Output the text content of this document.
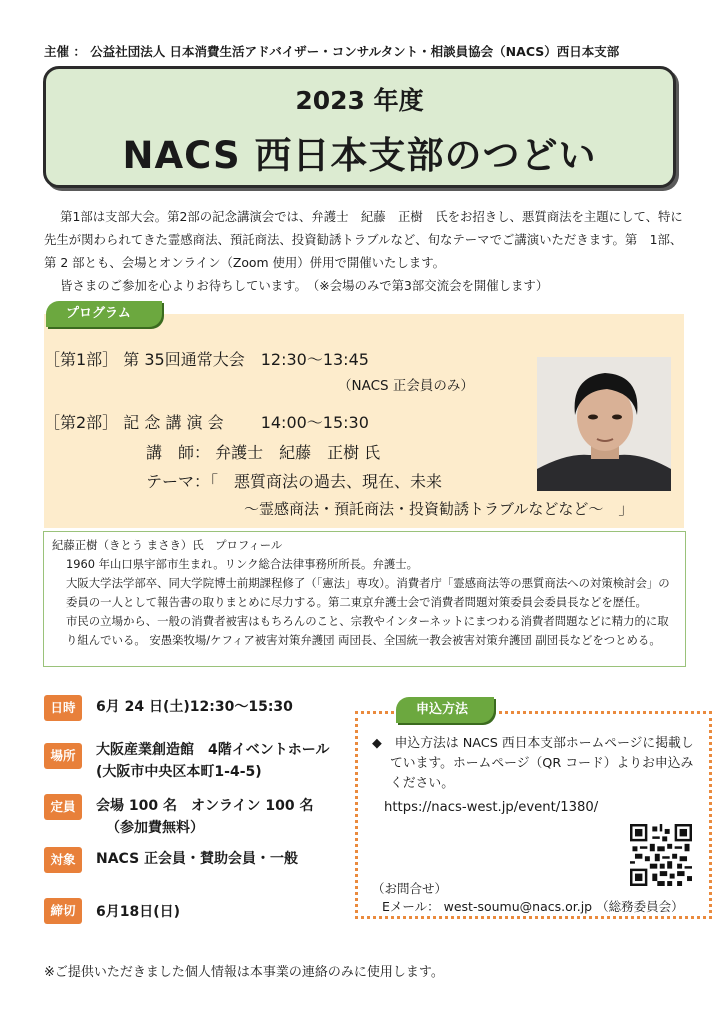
主催 ： 公益社団法人 日本消費生活アドバイザー・コンサルタント・相談員協会（NACS）西日本支部
2023 年度
NACS 西日本支部のつどい

第1部は支部大会。第2部の記念講演会では、弁護士　紀藤　正樹　氏をお招きし、悪質商法を主題にして、特に先生が関わられてきた霊感商法、預託商法、投資勧誘トラブルなど、旬なテーマでご講演いただきます。第　1部、第 2 部とも、会場とオンライン（Zoom 使用）併用で開催いたします。

皆さまのご参加を心よりお待ちしています。　（※会場のみで第3部交流会を開催します）

［第1部］ 第 35回通常大会　12:30～13:45
（NACS 正会員のみ）
［第2部］ 記 念 講 演 会　　 14:00～15:30
講　師： 弁護士　紀藤　正樹 氏
テーマ：「　悪質商法の過去、現在、未来
～霊感商法・預託商法・投資勧誘トラブルなどなど～　」
プログラム

紀藤正樹（きとう まさき）氏　プロフィール

1960 年山口県宇部市生まれ。リンク総合法律事務所所長。弁護士。

大阪大学法学部卒、同大学院博士前期課程修了（「憲法」専攻）。消費者庁「霊感商法等の悪質商法への対策検討会」の委員の一人として報告書の取りまとめに尽力する。第二東京弁護士会で消費者問題対策委員会委員長などを歴任。

市民の立場から、一般の消費者被害はもちろんのこと、宗教やインターネットにまつわる消費者問題などに精力的に取り組んでいる。 安愚楽牧場/ケフィア被害対策弁護団 両団長、全国統一教会被害対策弁護団 副団長などをつとめる。

日時	6月 24 日(土)12:30～15:30
場所	大阪産業創造館　4階イベントホール
(大阪市中央区本町1-4-5)
定員	会場 100 名　オンライン 100 名
（参加費無料）
対象	NACS 正会員・賛助会員・一般
締切	6月18日(日)

◆　申込方法は NACS 西日本支部ホームページに掲載しています。ホームページ（QR コード）よりお申込みください。

https://nacs-west.jp/event/1380/
（お問合せ）
Eメール： west-soumu@nacs.or.jp （総務委員会）
申込方法
※ご提供いただきました個人情報は本事業の連絡のみに使用します。
